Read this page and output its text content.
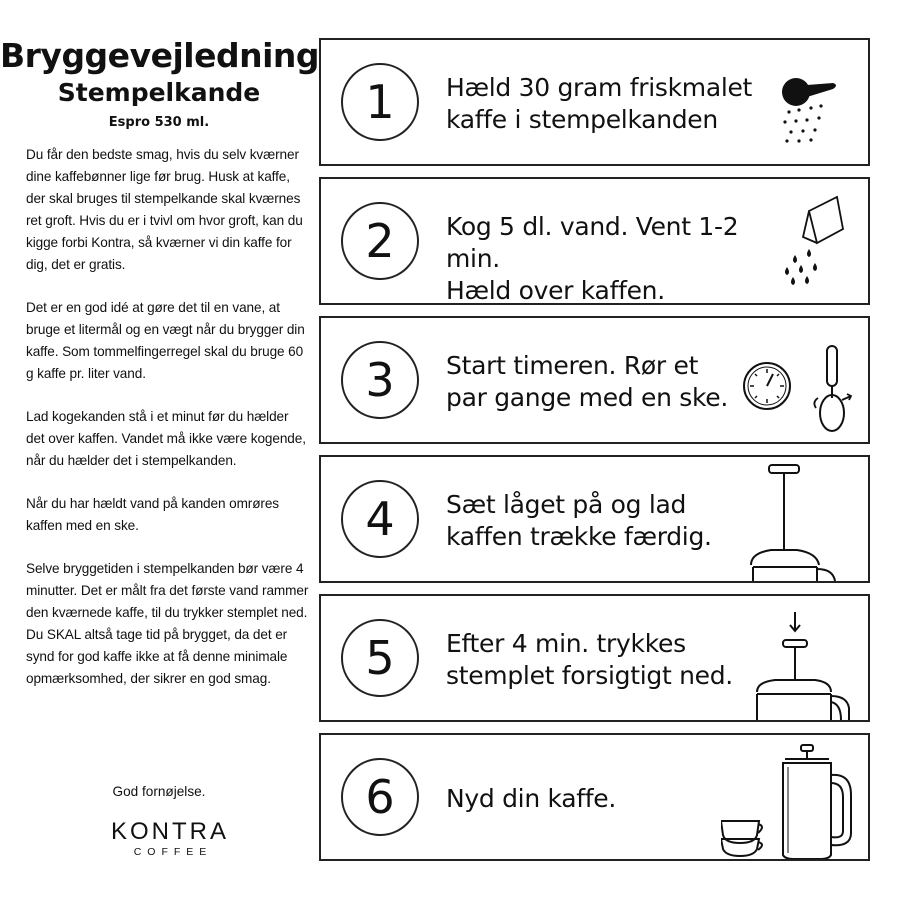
Bryggevejledning
Stempelkande
Espro 530 ml.

Du får den bedste smag, hvis du selv kværner dine kaffebønner lige før brug. Husk at kaffe, der skal bruges til stempelkande skal kværnes ret groft. Hvis du er i tvivl om hvor groft, kan du kigge forbi Kontra, så kværner vi din kaffe for dig, det er gratis.

Det er en god idé at gøre det til en vane, at bruge et litermål og en vægt når du brygger din kaffe. Som tommelfingerregel skal du bruge 60 g kaffe pr. liter vand.

Lad kogekanden stå i et minut før du hælder det over kaffen. Vandet må ikke være kogende, når du hælder det i stempelkanden.

Når du har hældt vand på kanden omrøres kaffen med en ske.

Selve bryggetiden i stempelkanden bør være 4 minutter. Det er målt fra det første vand rammer den kværnede kaffe, til du trykker stemplet ned. Du SKAL altså tage tid på brygget, da det er synd for god kaffe ikke at få denne minimale opmærksomhed, der sikrer en god smag.

God fornøjelse.
KONTRA
COFFEE
1	Hæld 30 gram friskmalet
kaffe i stempelkanden

2	Kog 5 dl. vand. Vent 1-2 min.
Hæld over kaffen.

3	Start timeren. Rør et
par gange med en ske.

4	Sæt låget på og lad
kaffen trække færdig.

5	Efter 4 min. trykkes
stemplet forsigtigt ned.

6	Nyd din kaffe.
